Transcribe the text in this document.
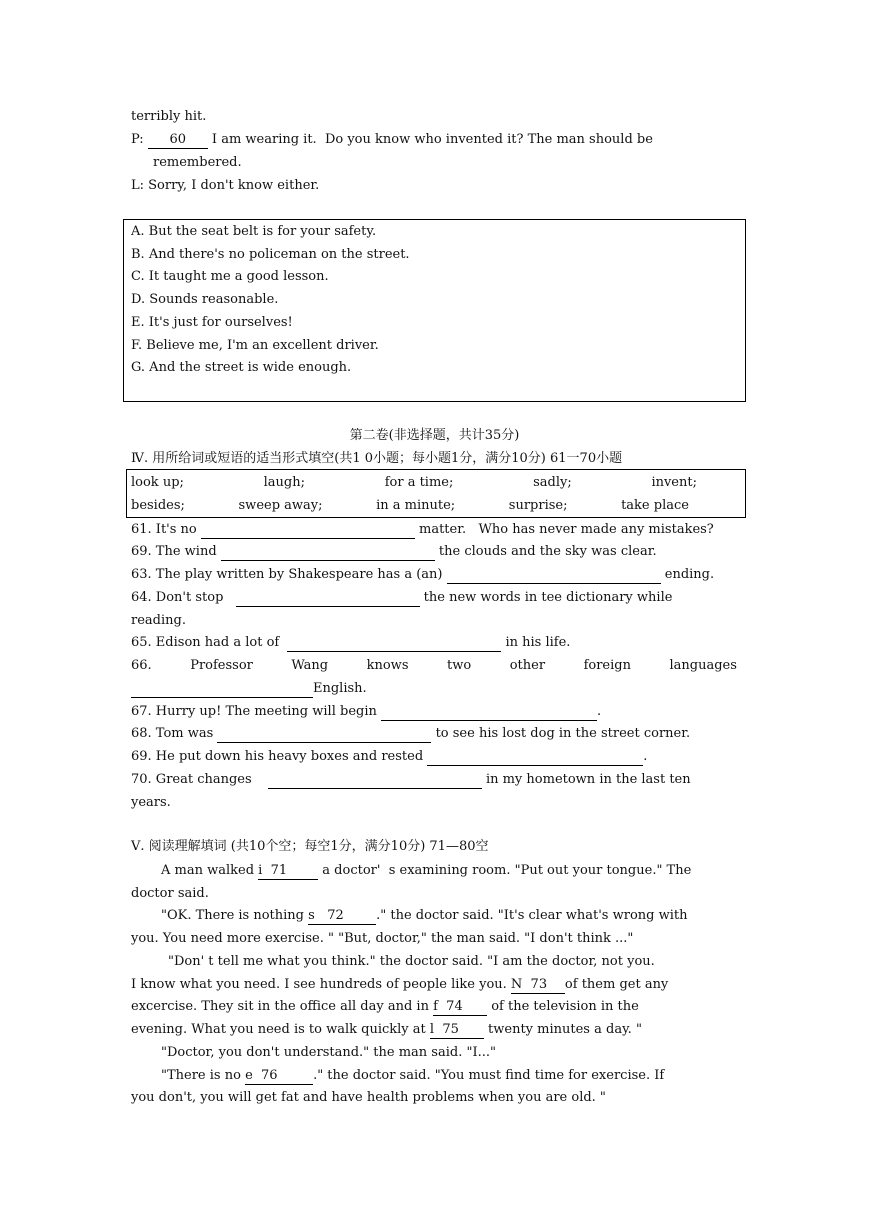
terribly hit.
P: 60 I am wearing it.  Do you know who invented it? The man should be
remembered.
L: Sorry, I don't know either.
A. But the seat belt is for your safety.
B. And there's no policeman on the street.
C. It taught me a good lesson.
D. Sounds reasonable.
E. It's just for ourselves!
F. Believe me, I'm an excellent driver.
G. And the street is wide enough.
第二卷(非选择题，共计35分)
Ⅳ. 用所给词或短语的适当形式填空(共1 0小题；每小题1分，满分10分) 61一70小题
look up;	laugh;	for a time;	sadly;	invent;
besides;	sweep away;	in a minute;	surprise;	take place
61. It's no	matter.   Who has never made any mistakes?
69. The wind	the clouds and the sky was clear.
63. The play written by Shakespeare has a (an)	ending.
64. Don't stop	the new words in tee dictionary while
reading.
65. Edison had a lot of	in his life.
66.	Professor	Wang	knows	two	other	foreign	languages
English.
67. Hurry up! The meeting will begin	.
68. Tom was	to see his lost dog in the street corner.
69. He put down his heavy boxes and rested	.
70. Great changes	in my hometown in the last ten
years.
Ⅴ. 阅读理解填词 (共10个空；每空1分，满分10分) 71—80空
A man walked i  71 a doctor'  s examining room. "Put out your tongue." The
doctor said.
"OK. There is nothing s   72 ." the doctor said. "It's clear what's wrong with
you. You need more exercise. " "But, doctor," the man said. "I don't think ..."
"Don' t tell me what you think." the doctor said. "I am the doctor, not you.
I know what you need. I see hundreds of people like you. N  73 of them get any
excercise. They sit in the office all day and in f  74 of the television in the
evening. What you need is to walk quickly at l  75 twenty minutes a day. "
"Doctor, you don't understand." the man said. "I..."
"There is no e  76	." the doctor said. "You must find time for exercise. If
you don't, you will get fat and have health problems when you are old. "
